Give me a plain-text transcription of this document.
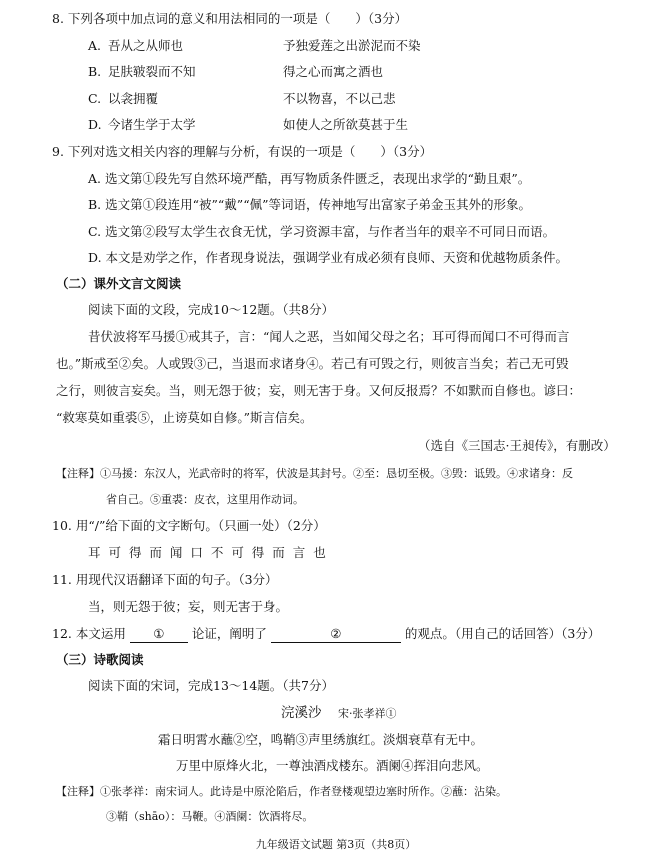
8. 下列各项中加点词的意义和用法相同的一项是（　　）（3分）
A. 吾从之从师也	予独爱莲之出淤泥而不染
B. 足肤皲裂而不知	得之心而寓之酒也
C. 以衾拥覆	不以物喜，不以己悲
D. 今诸生学于太学	如使人之所欲莫甚于生
9. 下列对选文相关内容的理解与分析，有误的一项是（　　）（3分）
A. 选文第①段先写自然环境严酷，再写物质条件匮乏，表现出求学的“勤且艰”。
B. 选文第①段连用“被”“戴”“佩”等词语，传神地写出富家子弟金玉其外的形象。
C. 选文第②段写太学生衣食无忧，学习资源丰富，与作者当年的艰辛不可同日而语。
D. 本文是劝学之作，作者现身说法，强调学业有成必须有良师、天资和优越物质条件。
（二）课外文言文阅读
阅读下面的文段，完成10～12题。（共8分）
昔伏波将军马援①戒其子，言：“闻人之恶，当如闻父母之名；耳可得而闻口不可得而言
也。”斯戒至②矣。人或毁③己，当退而求诸身④。若己有可毁之行，则彼言当矣；若己无可毁
之行，则彼言妄矣。当，则无怨于彼；妄，则无害于身。又何反报焉？不如默而自修也。谚曰：
“救寒莫如重裘⑤，止谤莫如自修。”斯言信矣。
（选自《三国志·王昶传》，有删改）
【注释】①马援：东汉人，光武帝时的将军，伏波是其封号。②至：恳切至极。③毁：诋毁。④求诸身：反
省自己。⑤重裘：皮衣，这里用作动词。
10. 用“/”给下面的文字断句。（只画一处）（2分）
耳 可 得 而 闻 口 不 可 得 而 言 也
11. 用现代汉语翻译下面的句子。（3分）
当，则无怨于彼；妄，则无害于身。
12. 本文运用 ① 论证，阐明了	②	的观点。（用自己的话回答）（3分）
（三）诗歌阅读
阅读下面的宋词，完成13～14题。（共7分）
浣溪沙 宋·张孝祥①
霜日明霄水蘸②空，鸣鞘③声里绣旗红。淡烟衰草有无中。
万里中原烽火北，一尊浊酒戍楼东。酒阑④挥泪向悲风。
【注释】①张孝祥：南宋词人。此诗是中原沦陷后，作者登楼观望边塞时所作。②蘸：沾染。
③鞘（shāo）：马鞭。④酒阑：饮酒将尽。
九年级语文试题 第3页（共8页）
